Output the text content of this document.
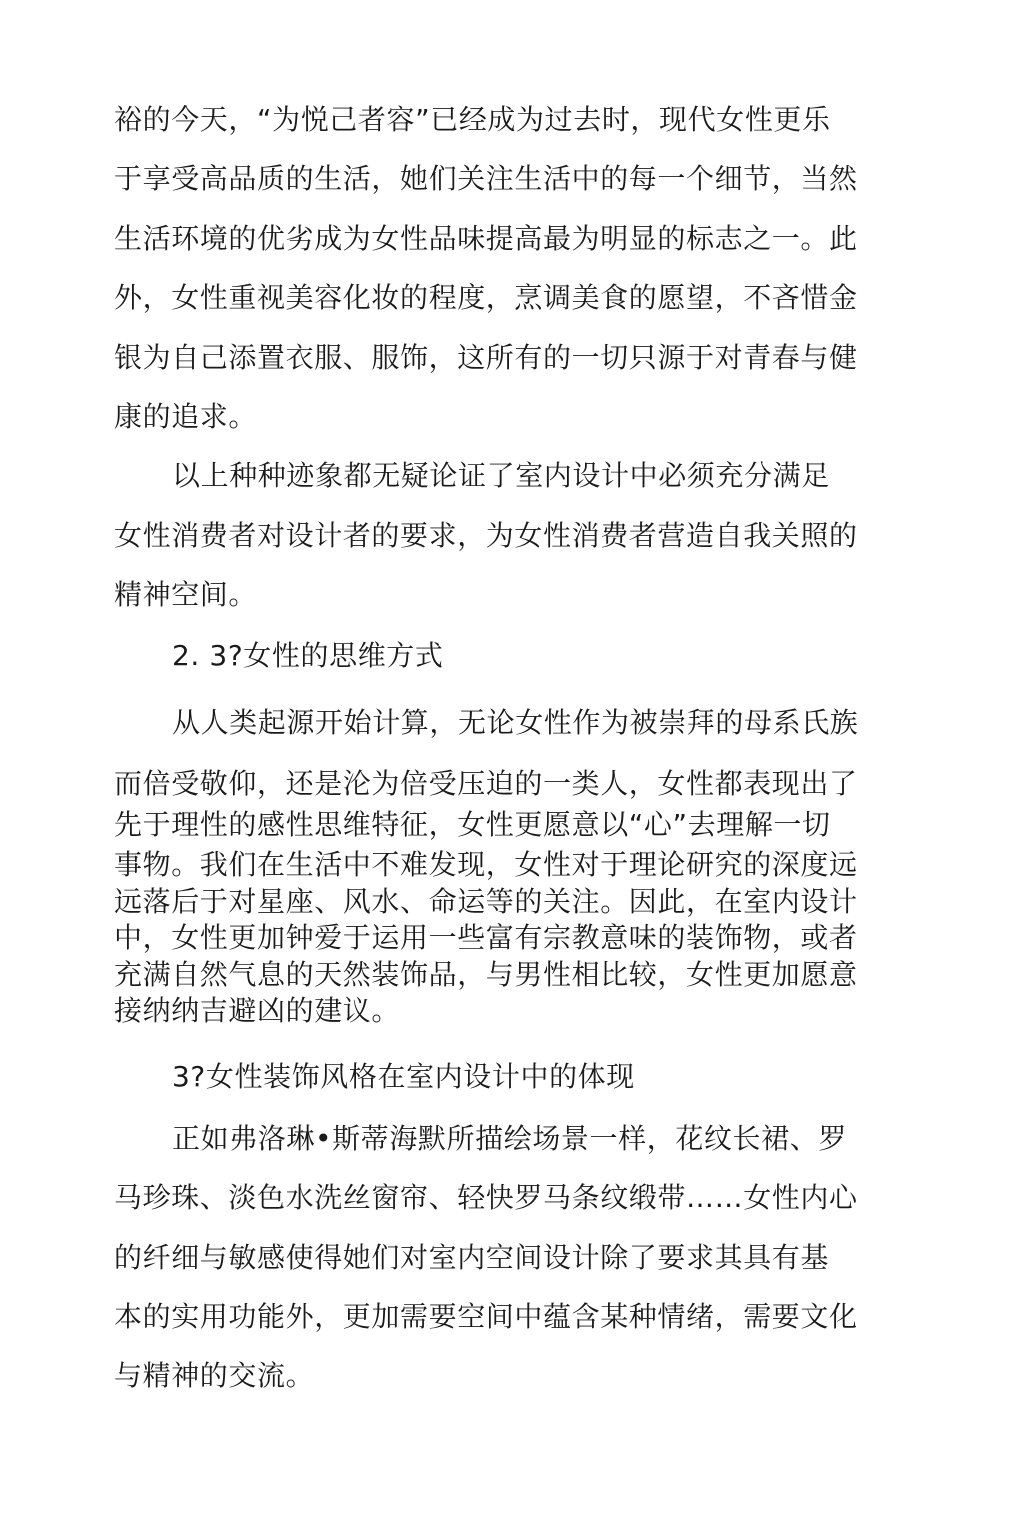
裕的今天，“为悦己者容”已经成为过去时，现代女性更乐

于享受高品质的生活，她们关注生活中的每一个细节，当然

生活环境的优劣成为女性品味提高最为明显的标志之一。此

外，女性重视美容化妆的程度，烹调美食的愿望，不吝惜金

银为自己添置衣服、服饰，这所有的一切只源于对青春与健

康的追求。

以上种种迹象都无疑论证了室内设计中必须充分满足

女性消费者对设计者的要求，为女性消费者营造自我关照的

精神空间。

2. 3?女性的思维方式

从人类起源开始计算，无论女性作为被崇拜的母系氏族

而倍受敬仰，还是沦为倍受压迫的一类人，女性都表现出了

先于理性的感性思维特征，女性更愿意以“心”去理解一切

事物。我们在生活中不难发现，女性对于理论研究的深度远

远落后于对星座、风水、命运等的关注。因此，在室内设计

中，女性更加钟爱于运用一些富有宗教意味的装饰物，或者

充满自然气息的天然装饰品，与男性相比较，女性更加愿意

接纳纳吉避凶的建议。

3?女性装饰风格在室内设计中的体现

正如弗洛琳•斯蒂海默所描绘场景一样，花纹长裙、罗

马珍珠、淡色水洗丝窗帘、轻快罗马条纹缎带……女性内心

的纤细与敏感使得她们对室内空间设计除了要求其具有基

本的实用功能外，更加需要空间中蕴含某种情绪，需要文化

与精神的交流。
